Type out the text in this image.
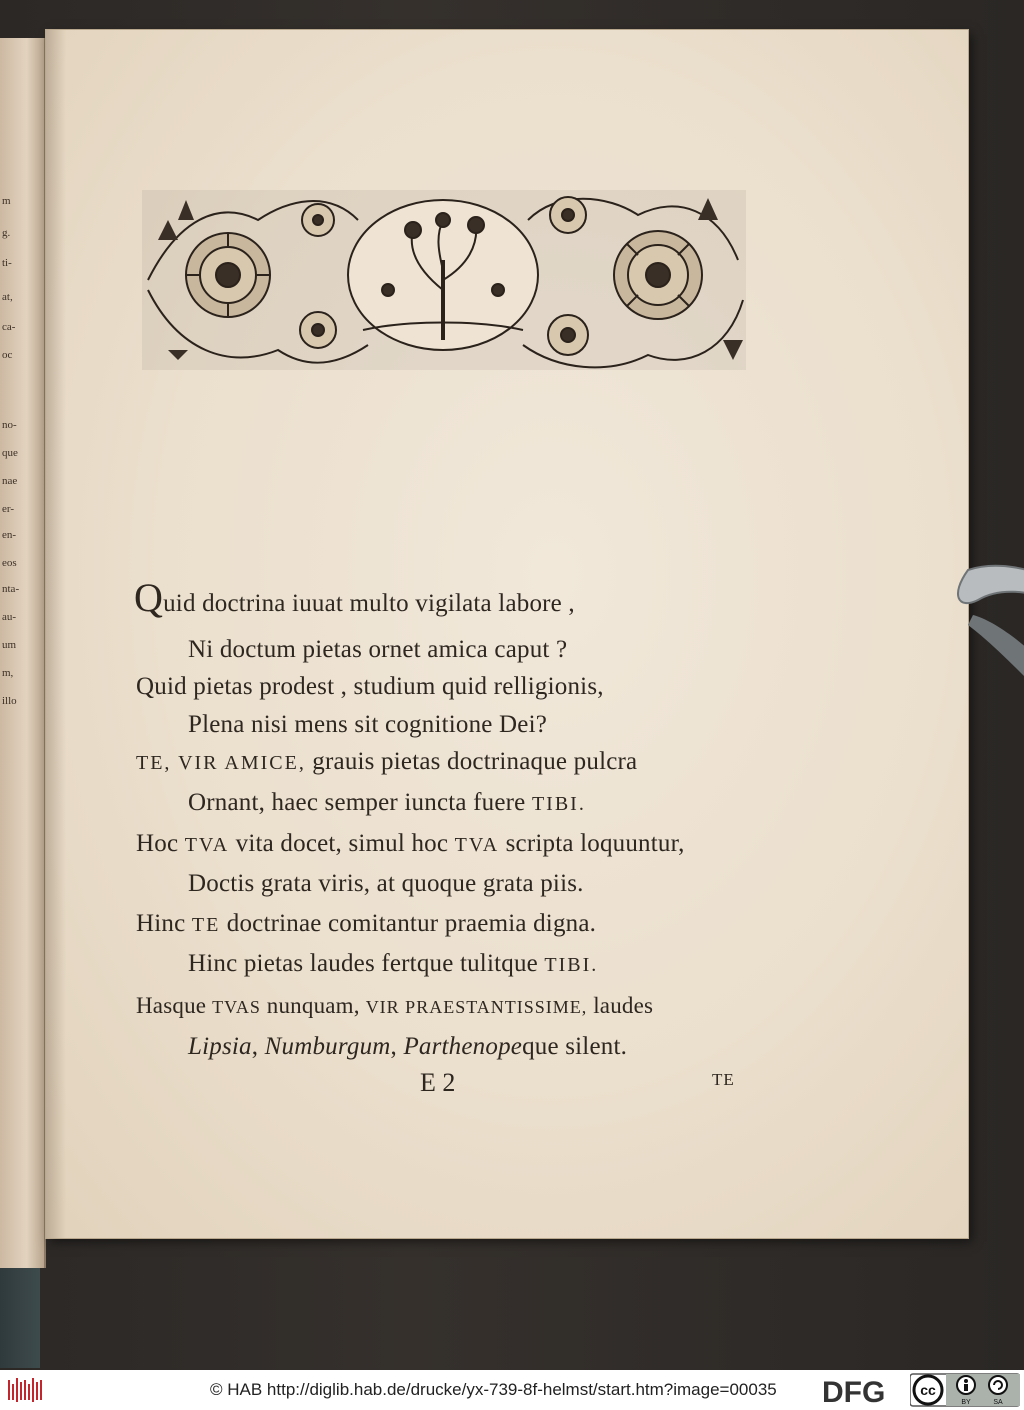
m
g.
ti-
at,
ca-
oc
no-
que
nae
er-
en-
eos
nta-
au-
um
m,
illo
Quid doctrina iuuat multo vigilata labore ,
Ni doctum pietas ornet amica caput ?
Quid pietas prodest , studium quid relligionis,
Plena nisi mens sit cognitione Dei?
TE, VIR AMICE, grauis pietas doctrinaque pulcra
Ornant, haec semper iuncta fuere TIBI.
Hoc TVA vita docet, simul hoc TVA scripta loquuntur,
Doctis grata viris, at quoque grata piis.
Hinc TE doctrinae comitantur praemia digna.
Hinc pietas laudes fertque tulitque TIBI.
Hasque TVAS nunquam, VIR PRAESTANTISSIME, laudes
Lipsia, Numburgum, Parthenopeque silent.
E 2	TE
© HAB http://diglib.hab.de/drucke/yx-739-8f-helmst/start.htm?image=00035 DFG cc
BY	SA
